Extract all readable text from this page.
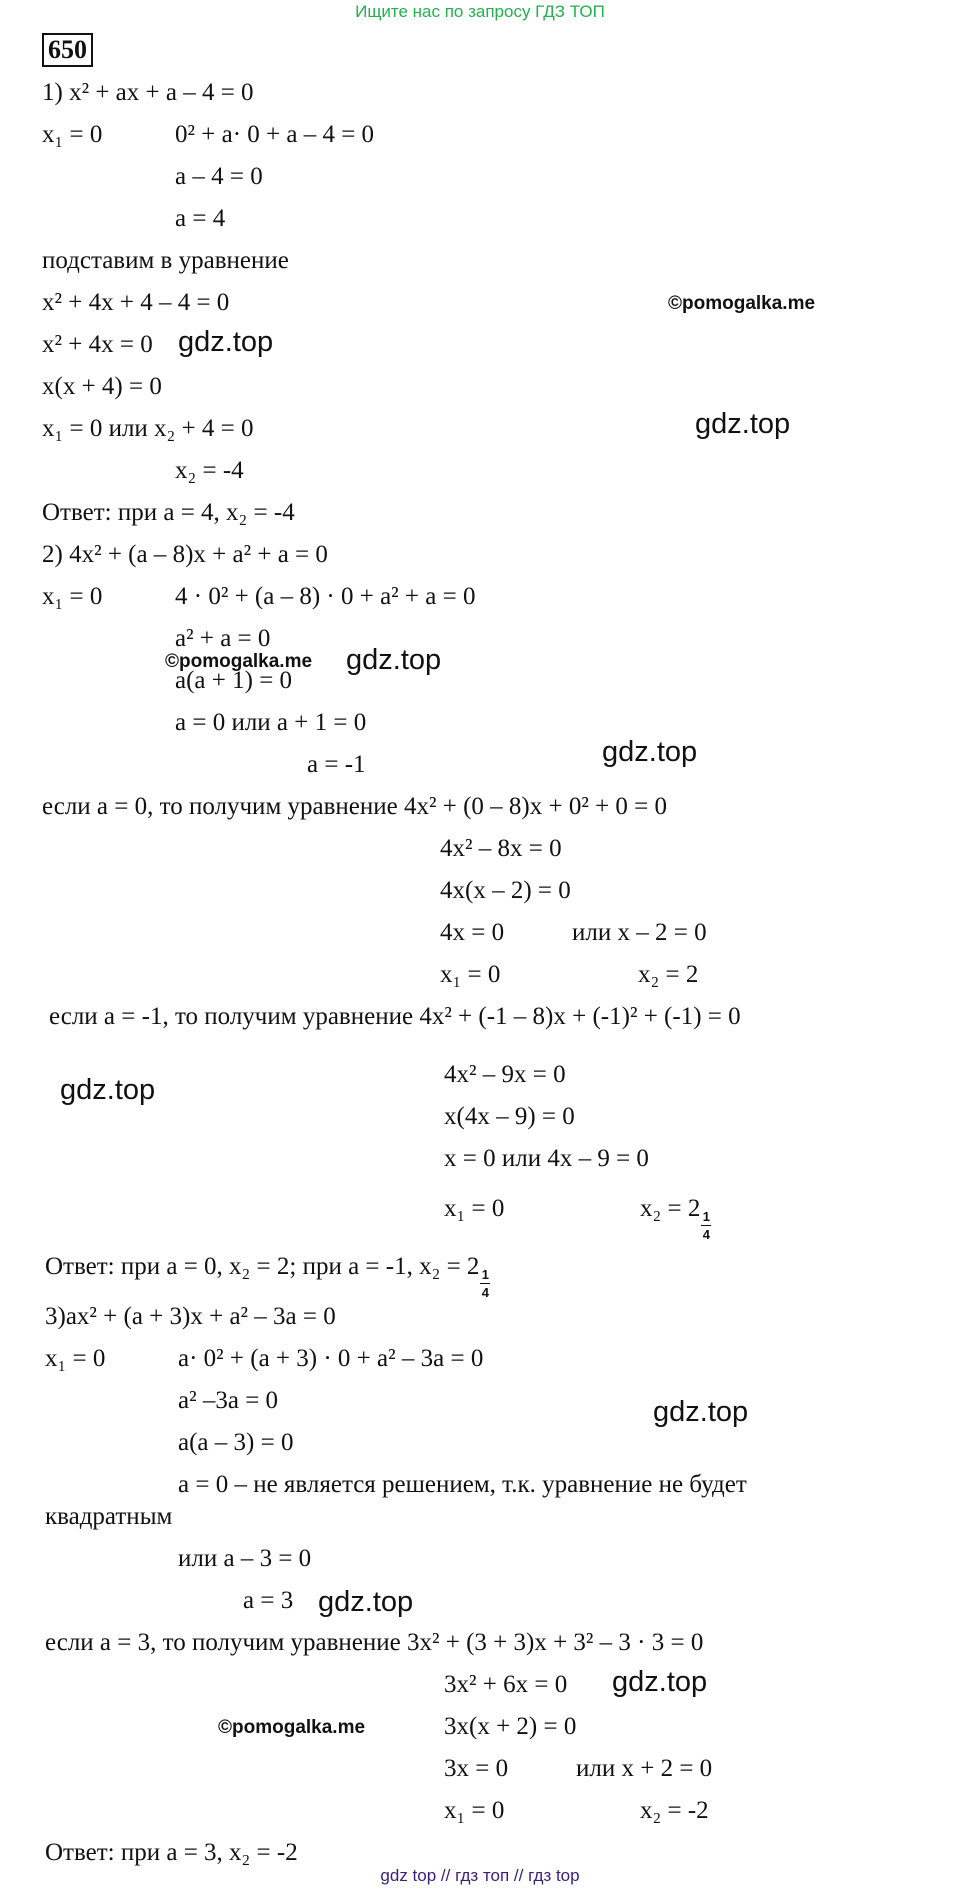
Ищите нас по запросу ГДЗ ТОП
650
1) x² + ax + a – 4 = 0
x₁ = 0	0² + a· 0 + a – 4 = 0
a – 4 = 0
a = 4
подставим в уравнение
x² + 4x + 4 – 4 = 0
x² + 4x = 0
x(x + 4) = 0
x₁ = 0 или x₂ + 4 = 0
x₂ = -4
Ответ: при a = 4, x₂ = -4
2) 4x² + (a – 8)x + a² + a = 0
x₁ = 0	4 · 0² + (a – 8) · 0 + a² + a = 0
a² + a = 0
a(a + 1) = 0
a = 0 или a + 1 = 0
a = -1
если a = 0, то получим уравнение 4x² + (0 – 8)x + 0² + 0 = 0
4x² – 8x = 0
4x(x – 2) = 0
4x = 0	или x – 2 = 0
x₁ = 0	x₂ = 2
если a = -1, то получим уравнение 4x² + (-1 – 8)x + (-1)² + (-1) = 0
4x² – 9x = 0
x(4x – 9) = 0
x = 0 или 4x – 9 = 0
x₁ = 0	x₂ = 2
$\frac{1}{4}$
Ответ: при a = 0, x₂ = 2; при a = -1, x₂ = 2
$\frac{1}{4}$
3)ax² + (a + 3)x + a² – 3a = 0
x₁ = 0	a· 0² + (a + 3) · 0 + a² – 3a = 0
a² –3a = 0
a(a – 3) = 0
a = 0 – не является решением, т.к. уравнение не будет
квадратным
или a – 3 = 0
a = 3
если a = 3, то получим уравнение 3x² + (3 + 3)x + 3² – 3 · 3 = 0
3x² + 6x = 0
3x(x + 2) = 0
3x = 0	или x + 2 = 0
x₁ = 0	x₂ = -2
Ответ: при a = 3, x₂ = -2
©pomogalka.me
gdz.top
gdz.top
©pomogalka.me gdz.top
gdz.top
gdz.top
gdz.top
gdz.top
gdz.top
©pomogalka.me
gdz top // гдз топ // гдз top
